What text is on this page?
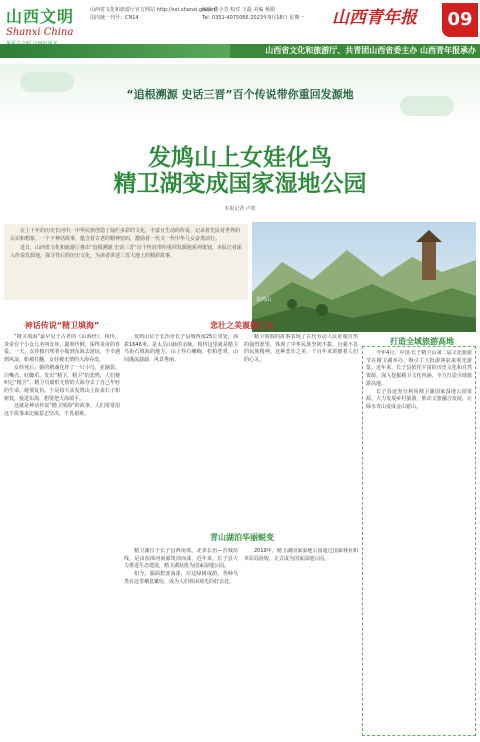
山西文明
Shanxi China
山西省文化和旅游厅官方网站 http://sxt.shanxi.gov.cn/
国内统一刊号：CN14
编辑 程小芳 校对 王磊 美编 杨娟
Tel: 0351-4075066 2023年9月18日 星期一 山西青年报	09
山西省文化和旅游厅、共青团山西省委主办 山西青年报承办
“追根溯源 史话三晋”百个传说带你重回发源地
发鸠山上女娃化鸟
精卫湖变成国家湿地公园
本报记者 卢蓝

在上千年的历史长河中，中华民族创造了灿烂多彩的文化，丰富且生动的传说，记录着先民对世界的认识和想象。一个个神话故事，蕴含着古老的精神密码，激励着一代又一代中华儿女奋勇前行。

近日，山西省文化和旅游厅推出“追根溯源 史话三晋”百个传说带你重回发源地系列策划，本报记者深入传说发源地，探寻背后的历史文化，为读者讲述三晋大地上的精彩故事。

发鸠山
神话传说“精卫填海”

“精卫填海”最早见于古老的《山海经》。相传，炎帝有个小女儿名叫女娃，聪明伶俐，深得炎帝的喜爱。一天，女娃独自驾着小船到东海去游玩，不幸遇到风浪，船被打翻，女娃被无情的大海吞没。

女娃死后，她的精魂化作了一只小鸟，花脑袋、白嘴壳、红脚爪，发出“精卫、精卫”的悲鸣，人们便叫它“精卫”。精卫鸟痛恨无情的大海夺去了自己年轻的生命，她要复仇，于是每天从发鸠山上衔来石子和树枝，投进东海，想要把大海填平。

这就是神话传说“精卫填海”的故事。人们常常用这个故事来比喻意志坚决、不畏艰难。

悲壮之美震撼心灵

发鸠山位于长治市长子县城西南25公里处，海拔1646米，是太岳山脉的余脉。相传这里就是精卫鸟衔石填海的地方。山上怪石嶙峋、松柏苍翠，山间溪流潺潺，风景秀丽。

精卫填海的故事表现了古代劳动人民征服自然的强烈愿望，体现了中华民族坚韧不拔、自强不息的民族精神。这种悲壮之美，千百年来震撼着人们的心灵。

青山湖泊华丽蜕变

精卫湖位于长子县西南部，北邻长治—晋城沿线，是由浊漳河南源筑坝而成。近年来，长子县大力推进生态建设，精卫湖获批为国家湿地公园。

如今，湖面碧波荡漾，岸边绿树成荫，各种鸟类在这里栖息繁衍，成为人们休闲观光的好去处。

2019年，精卫湖国家湿地公园通过国家林业和草原局验收，正式成为国家湿地公园。

打造全域旅游高地

今年4月，中国·长子精卫山第二届文化旅游节在精卫湖举办，吸引了大批游客前来观光游览。近年来，长子县依托丰富的历史文化和自然资源，深入挖掘精卫文化内涵，全力打造全域旅游高地。

长子县还充分利用精卫湖国家湿地公园资源，大力发展乡村旅游，推动文旅融合发展，让绿水青山变成金山银山。
